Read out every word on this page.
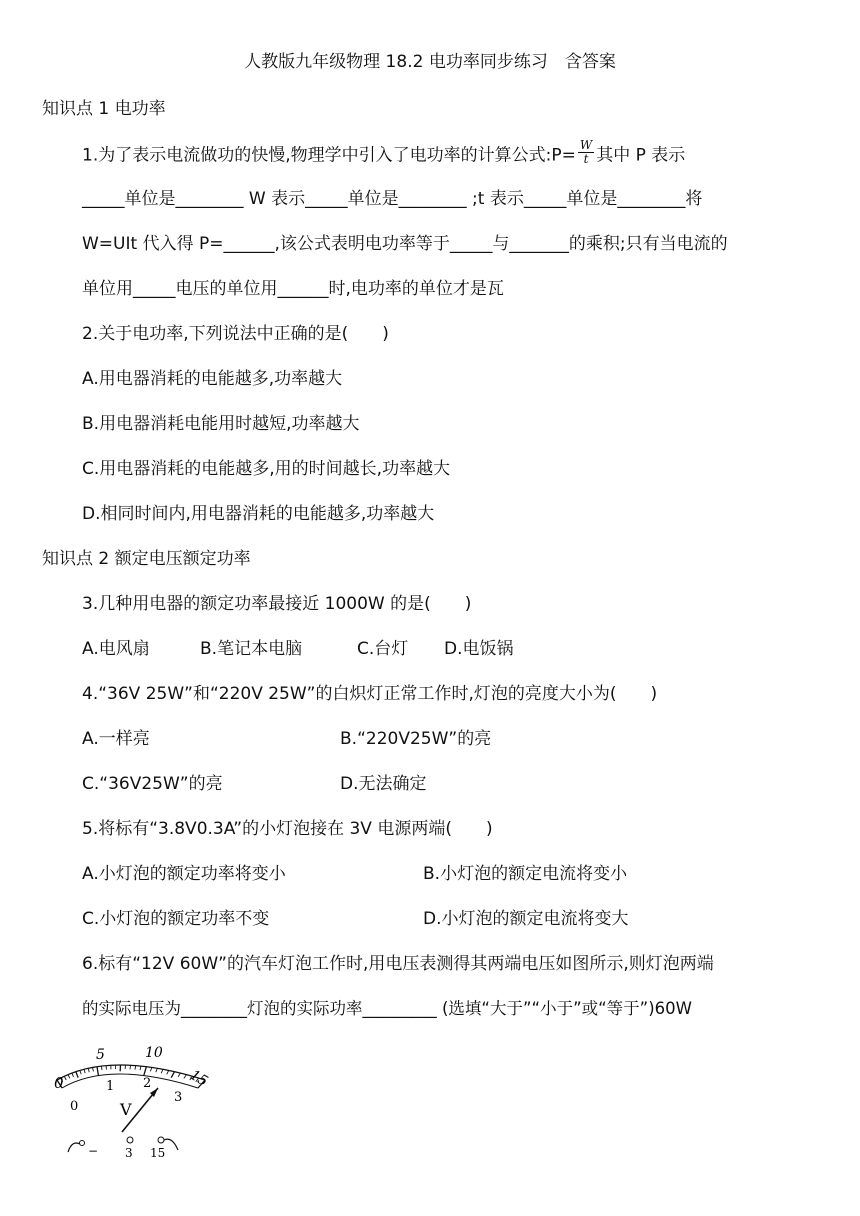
人教版九年级物理 18.2 电功率同步练习　含答案
知识点 1 电功率
1.为了表示电流做功的快慢,物理学中引入了电功率的计算公式:P= $\frac{W}{t}$ 其中 P 表示
_____单位是________ W 表示_____单位是________ ;t 表示_____单位是________将
W=UIt 代入得 P=______,该公式表明电功率等于_____与_______的乘积;只有当电流的
单位用_____电压的单位用______时,电功率的单位才是瓦
2.关于电功率,下列说法中正确的是(　　)
A.用电器消耗的电能越多,功率越大
B.用电器消耗电能用时越短,功率越大
C.用电器消耗的电能越多,用的时间越长,功率越大
D.相同时间内,用电器消耗的电能越多,功率越大
知识点 2 额定电压额定功率
3.几种用电器的额定功率最接近 1000W 的是(　　)
A.电风扇	B.笔记本电脑	C.台灯 D.电饭锅
4.“36V 25W”和“220V 25W”的白炽灯正常工作时,灯泡的亮度大小为(　　)
A.一样亮	B.“220V25W”的亮
C.“36V25W”的亮	D.无法确定
5.将标有“3.8V0.3A”的小灯泡接在 3V 电源两端(　　)
A.小灯泡的额定功率将变小	B.小灯泡的额定电流将变小
C.小灯泡的额定功率不变	D.小灯泡的额定电流将变大
6.标有“12V 60W”的汽车灯泡工作时,用电压表测得其两端电压如图所示,则灯泡两端
的实际电压为________灯泡的实际功率_________ (选填“大于”“小于”或“等于”)60W
0
5	10
15
0
1 2
3
V
− 3 15
